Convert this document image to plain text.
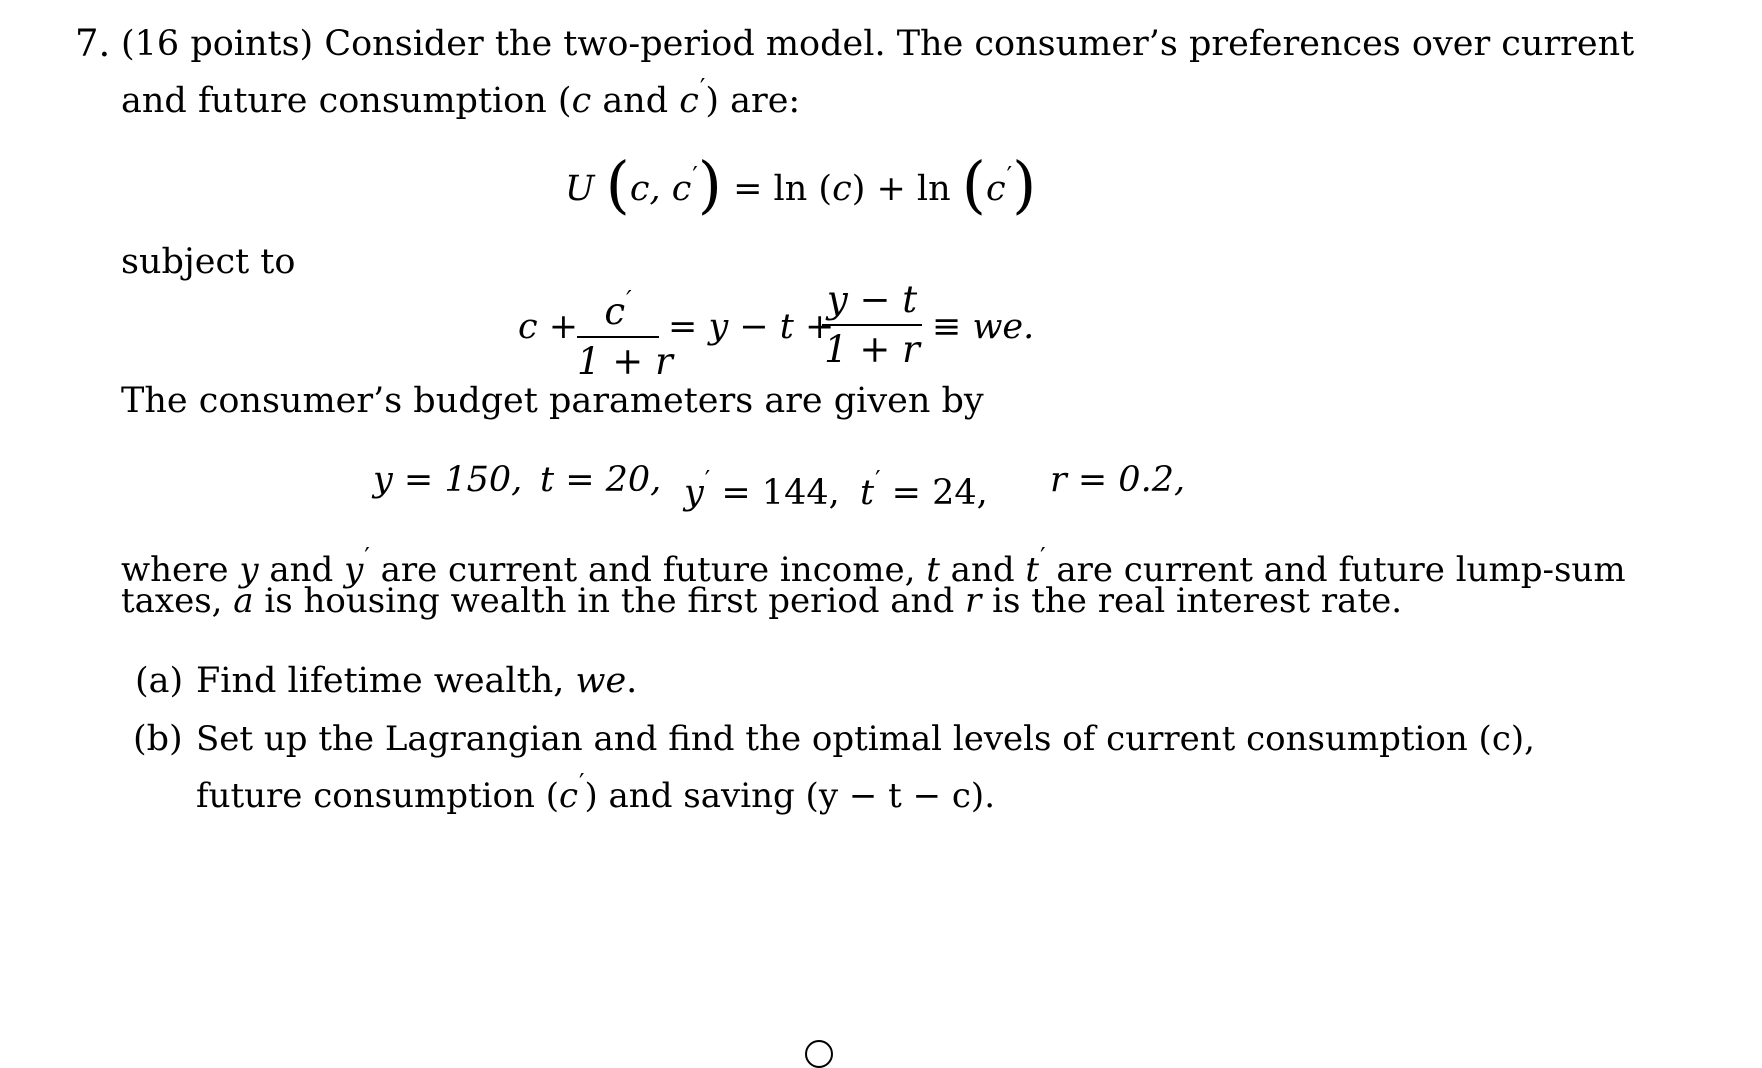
7. (16 points) Consider the two-period model. The consumer’s preferences over current
and future consumption (c and c′) are:
U (c, c′) = ln (c) + ln (c′)
subject to
c + c′
1 + r
= y − t +
y − t
1 + r
≡ we.
The consumer’s budget parameters are given by
y = 150, t = 20, y′ = 144, t′ = 24, r = 0.2,
where y and y′ are current and future income, t and t′ are current and future lump-sum
taxes, a is housing wealth in the first period and r is the real interest rate.
(a) Find lifetime wealth, we.
(b) Set up the Lagrangian and find the optimal levels of current consumption (c),
future consumption (c′) and saving (y − t − c).
